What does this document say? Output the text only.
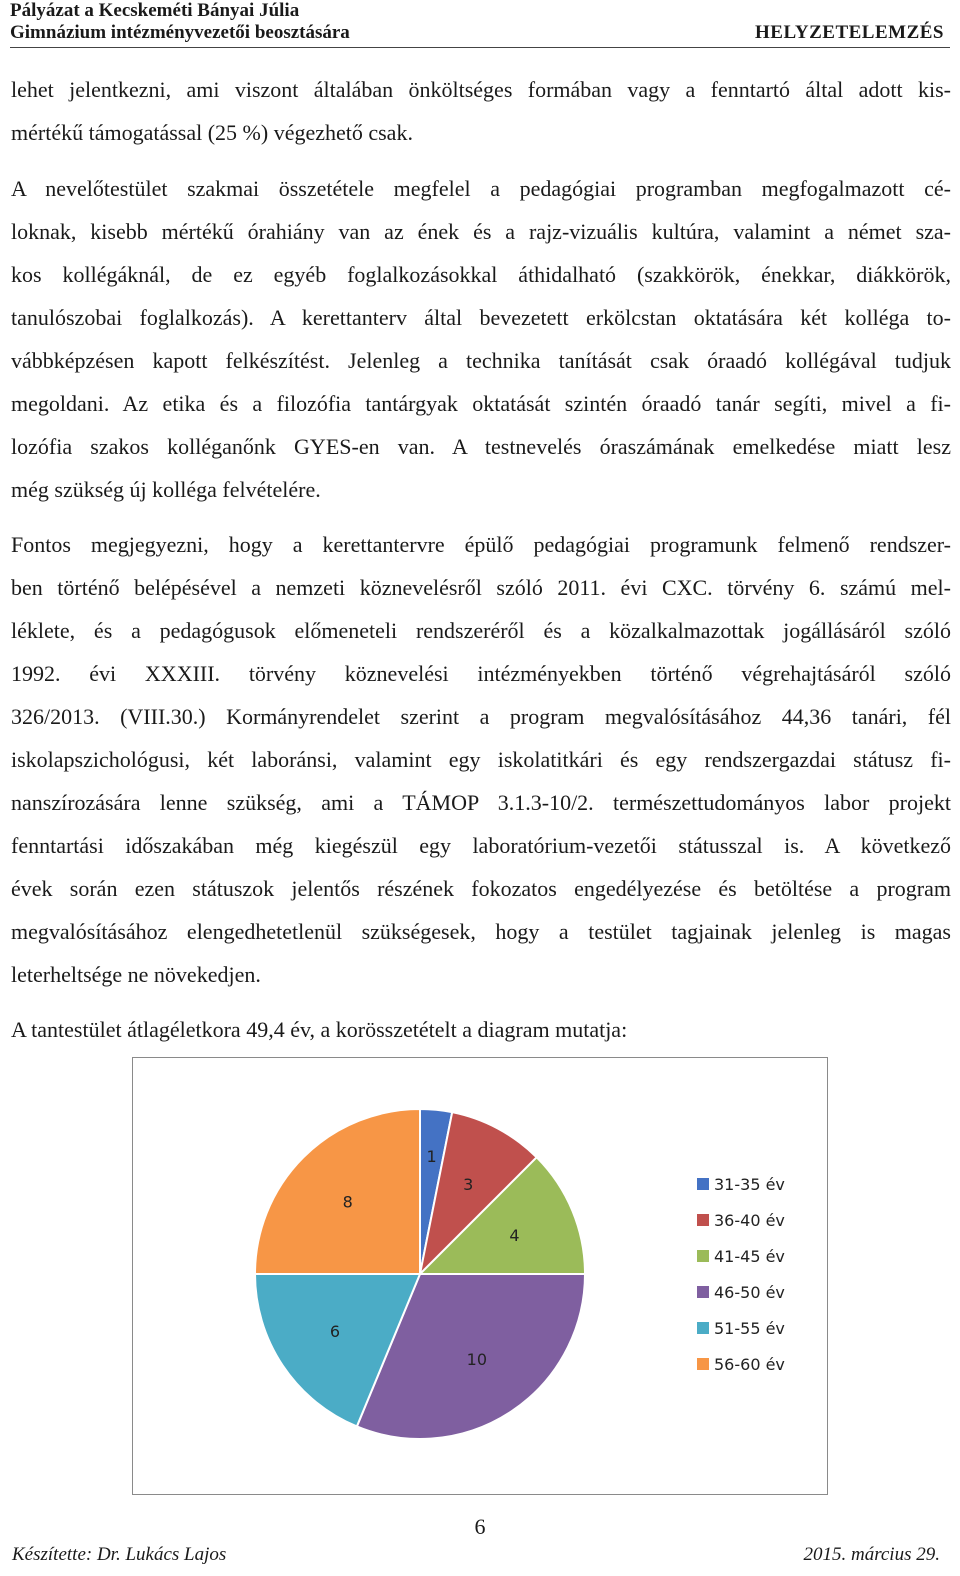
Pályázat a Kecskeméti Bányai Júlia
Gimnázium intézményvezetői beosztására	HELYZETELEMZÉS
lehet jelentkezni, ami viszont általában önköltséges formában vagy a fenntartó által adott kis-
mértékű támogatással (25 %) végezhető csak.
A nevelőtestület szakmai összetétele megfelel a pedagógiai programban megfogalmazott cé-
loknak, kisebb mértékű órahiány van az ének és a rajz-vizuális kultúra, valamint a német sza-
kos kollégáknál, de ez egyéb foglalkozásokkal áthidalható (szakkörök, énekkar, diákkörök,
tanulószobai foglalkozás). A kerettanterv által bevezetett erkölcstan oktatására két kolléga to-
vábbképzésen kapott felkészítést. Jelenleg a technika tanítását csak óraadó kollégával tudjuk
megoldani. Az etika és a filozófia tantárgyak oktatását szintén óraadó tanár segíti, mivel a fi-
lozófia szakos kolléganőnk GYES-en van. A testnevelés óraszámának emelkedése miatt lesz
még szükség új kolléga felvételére.
Fontos megjegyezni, hogy a kerettantervre épülő pedagógiai programunk felmenő rendszer-
ben történő belépésével a nemzeti köznevelésről szóló 2011. évi CXC. törvény 6. számú mel-
léklete, és a pedagógusok előmeneteli rendszeréről és a közalkalmazottak jogállásáról szóló
1992. évi XXXIII. törvény köznevelési intézményekben történő végrehajtásáról szóló
326/2013. (VIII.30.) Kormányrendelet szerint a program megvalósításához 44,36 tanári, fél
iskolapszichológusi, két laboránsi, valamint egy iskolatitkári és egy rendszergazdai státusz fi-
nanszírozására lenne szükség, ami a TÁMOP 3.1.3-10/2. természettudományos labor projekt
fenntartási időszakában még kiegészül egy laboratórium-vezetői státusszal is. A következő
évek során ezen státuszok jelentős részének fokozatos engedélyezése és betöltése a program
megvalósításához elengedhetetlenül szükségesek, hogy a testület tagjainak jelenleg is magas
leterheltsége ne növekedjen.
A tantestület átlagéletkora 49,4 év, a korösszetételt a diagram mutatja:
1
3
4
10
6
8
31-35 év
36-40 év
41-45 év
46-50 év
51-55 év
56-60 év
6
Készítette: Dr. Lukács Lajos	2015. március 29.
